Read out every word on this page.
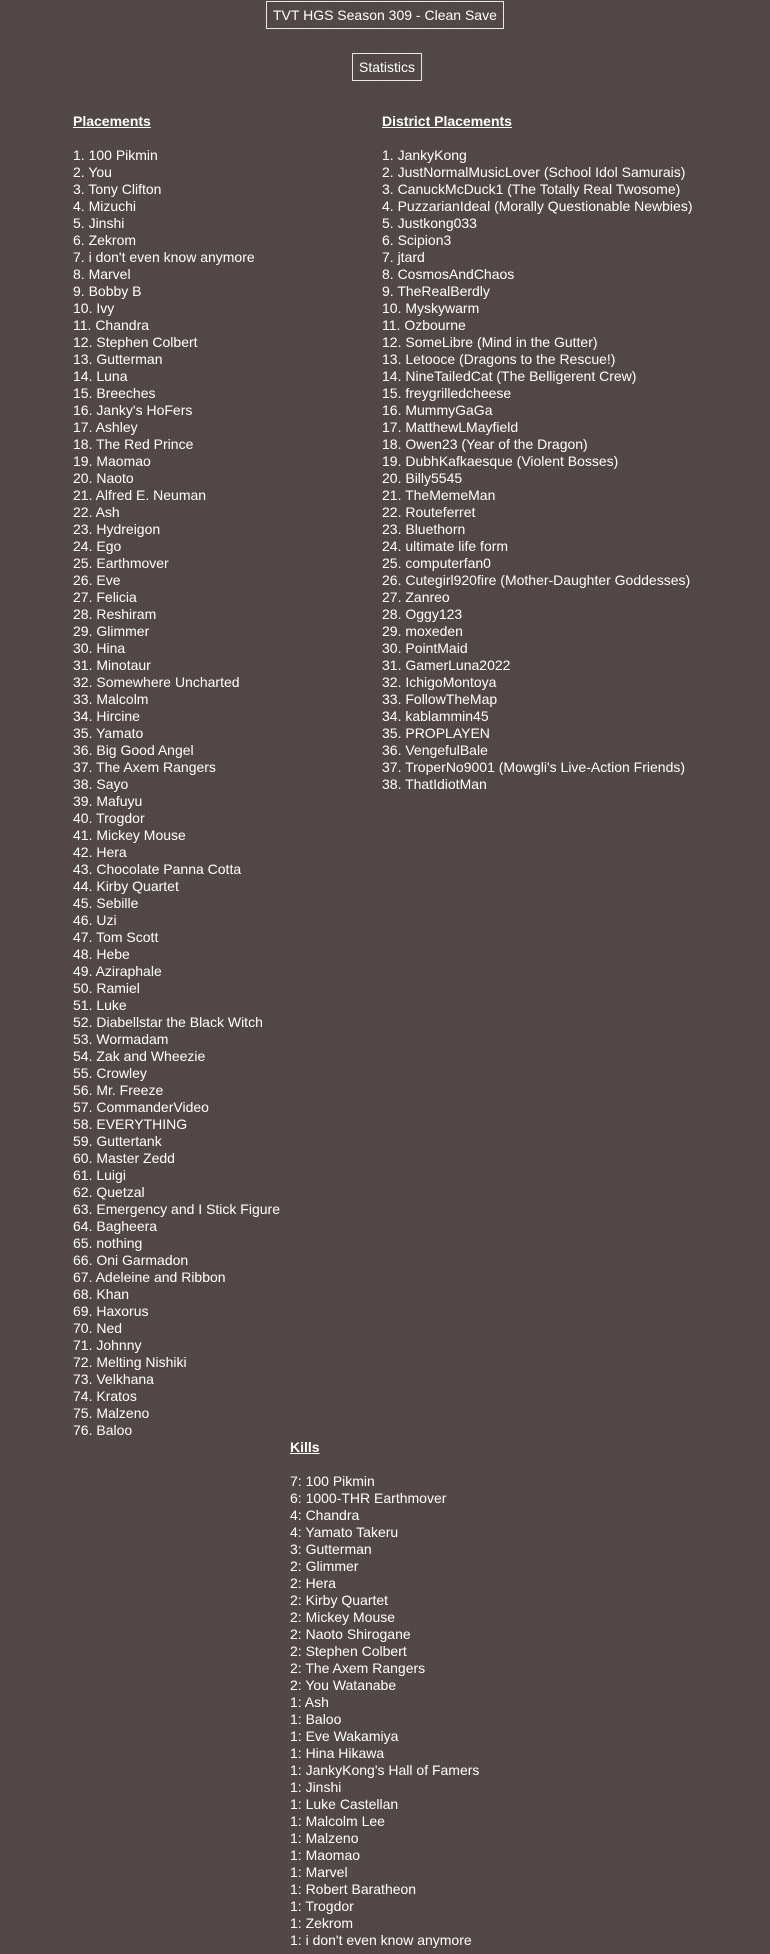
TVT HGS Season 309 - Clean Save
Statistics
Placements
1. 100 Pikmin
2. You
3. Tony Clifton
4. Mizuchi
5. Jinshi
6. Zekrom
7. i don't even know anymore
8. Marvel
9. Bobby B
10. Ivy
11. Chandra
12. Stephen Colbert
13. Gutterman
14. Luna
15. Breeches
16. Janky's HoFers
17. Ashley
18. The Red Prince
19. Maomao
20. Naoto
21. Alfred E. Neuman
22. Ash
23. Hydreigon
24. Ego
25. Earthmover
26. Eve
27. Felicia
28. Reshiram
29. Glimmer
30. Hina
31. Minotaur
32. Somewhere Uncharted
33. Malcolm
34. Hircine
35. Yamato
36. Big Good Angel
37. The Axem Rangers
38. Sayo
39. Mafuyu
40. Trogdor
41. Mickey Mouse
42. Hera
43. Chocolate Panna Cotta
44. Kirby Quartet
45. Sebille
46. Uzi
47. Tom Scott
48. Hebe
49. Aziraphale
50. Ramiel
51. Luke
52. Diabellstar the Black Witch
53. Wormadam
54. Zak and Wheezie
55. Crowley
56. Mr. Freeze
57. CommanderVideo
58. EVERYTHING
59. Guttertank
60. Master Zedd
61. Luigi
62. Quetzal
63. Emergency and I Stick Figure
64. Bagheera
65. nothing
66. Oni Garmadon
67. Adeleine and Ribbon
68. Khan
69. Haxorus
70. Ned
71. Johnny
72. Melting Nishiki
73. Velkhana
74. Kratos
75. Malzeno
76. Baloo
District Placements
1. JankyKong
2. JustNormalMusicLover (School Idol Samurais)
3. CanuckMcDuck1 (The Totally Real Twosome)
4. PuzzarianIdeal (Morally Questionable Newbies)
5. Justkong033
6. Scipion3
7. jtard
8. CosmosAndChaos
9. TheRealBerdly
10. Myskywarm
11. Ozbourne
12. SomeLibre (Mind in the Gutter)
13. Letooce (Dragons to the Rescue!)
14. NineTailedCat (The Belligerent Crew)
15. freygrilledcheese
16. MummyGaGa
17. MatthewLMayfield
18. Owen23 (Year of the Dragon)
19. DubhKafkaesque (Violent Bosses)
20. Billy5545
21. TheMemeMan
22. Routeferret
23. Bluethorn
24. ultimate life form
25. computerfan0
26. Cutegirl920fire (Mother-Daughter Goddesses)
27. Zanreo
28. Oggy123
29. moxeden
30. PointMaid
31. GamerLuna2022
32. IchigoMontoya
33. FollowTheMap
34. kablammin45
35. PROPLAYEN
36. VengefulBale
37. TroperNo9001 (Mowgli's Live-Action Friends)
38. ThatIdiotMan
Kills
7: 100 Pikmin
6: 1000-THR Earthmover
4: Chandra
4: Yamato Takeru
3: Gutterman
2: Glimmer
2: Hera
2: Kirby Quartet
2: Mickey Mouse
2: Naoto Shirogane
2: Stephen Colbert
2: The Axem Rangers
2: You Watanabe
1: Ash
1: Baloo
1: Eve Wakamiya
1: Hina Hikawa
1: JankyKong's Hall of Famers
1: Jinshi
1: Luke Castellan
1: Malcolm Lee
1: Malzeno
1: Maomao
1: Marvel
1: Robert Baratheon
1: Trogdor
1: Zekrom
1: i don't even know anymore
